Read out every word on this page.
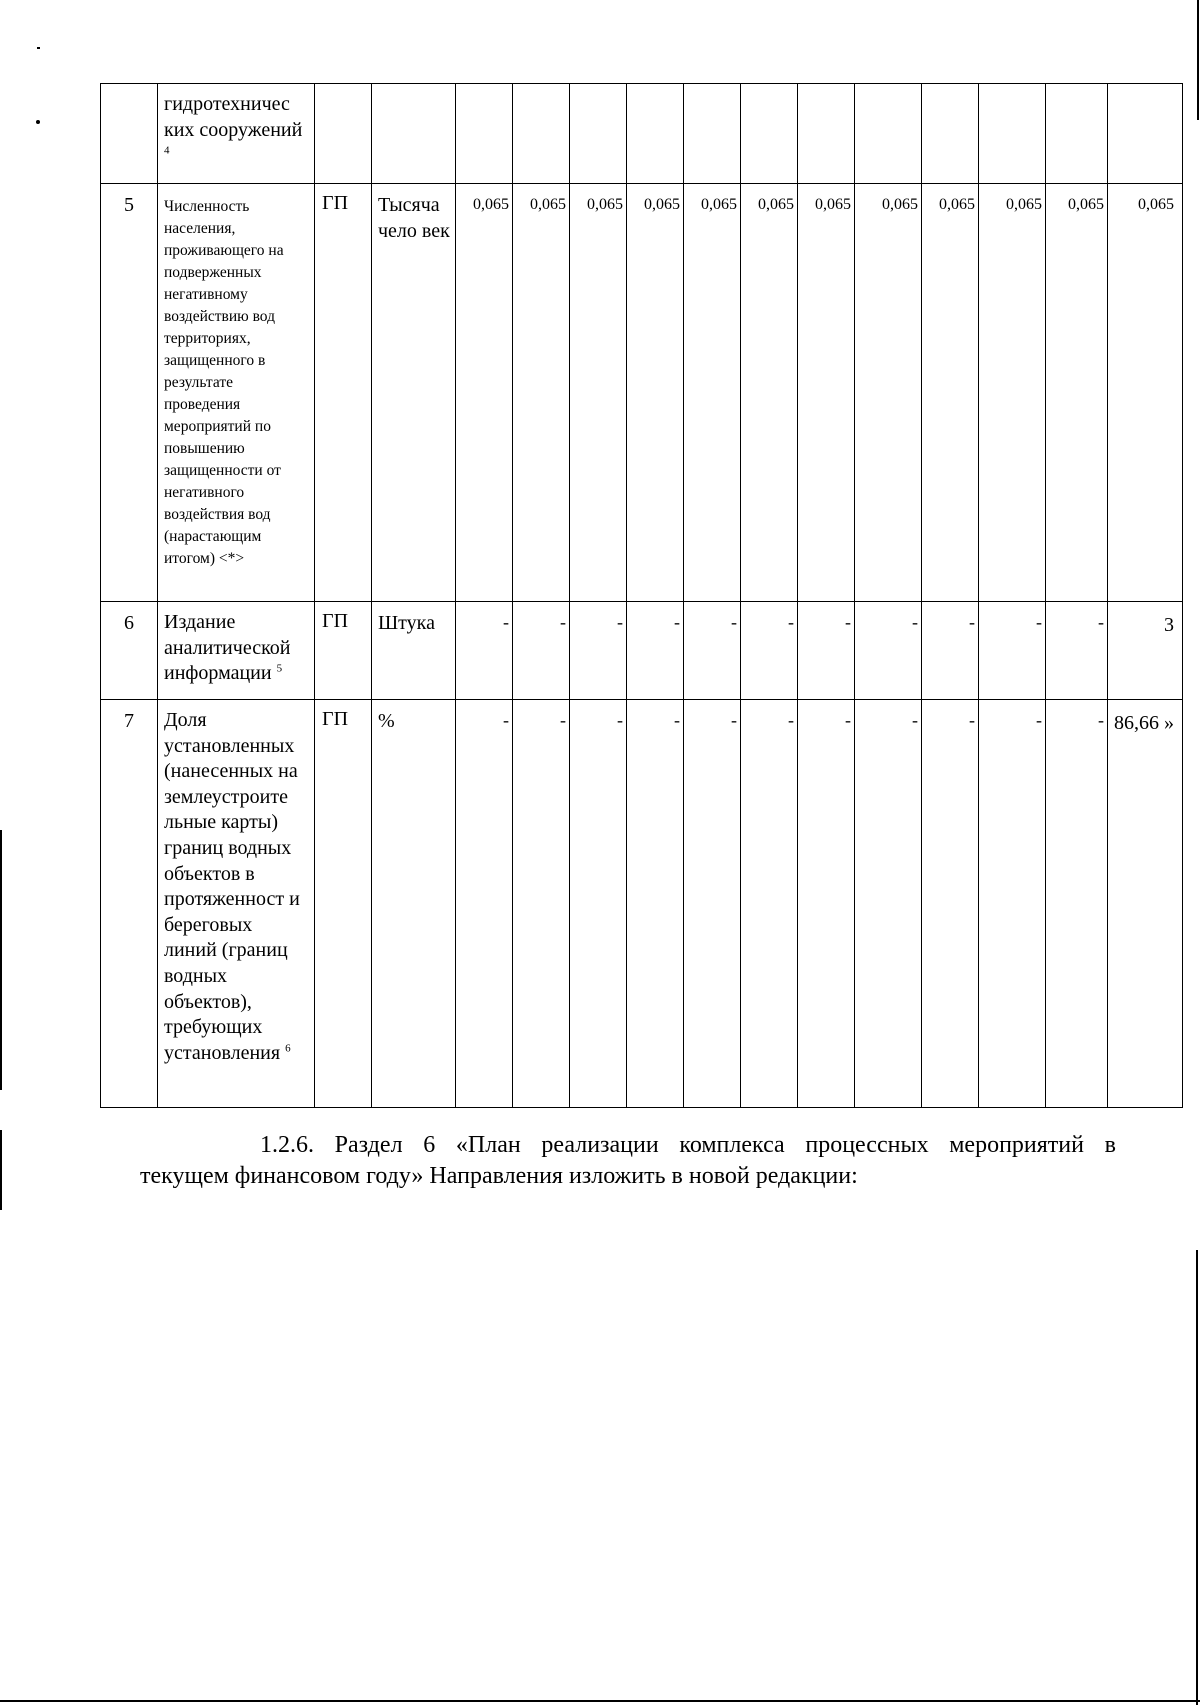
	гидротехничес ких сооружений $^4$														
5	Численность населения, проживающего на подверженных негативному воздействию вод территориях, защищенного в результате проведения мероприятий по повышению защищенности от негативного воздействия вод (нарастающим итогом) <*>	ГП	Тысяча чело век	0,065	0,065	0,065	0,065	0,065	0,065	0,065	0,065	0,065	0,065	0,065	0,065
6	Издание аналитической информации $^5$	ГП	Штука	-	-	-	-	-	-	-	-	-	-	-	3
7	Доля установленных (нанесенных на землеустроите льные карты) границ водных объектов в протяженност и береговых линий (границ водных объектов), требующих установления $^6$	ГП	%	-	-	-	-	-	-	-	-	-	-	-	86,66 »
1.2.6. Раздел 6 «План реализации комплекса процессных мероприятий в
текущем финансовом году» Направления изложить в новой редакции:
